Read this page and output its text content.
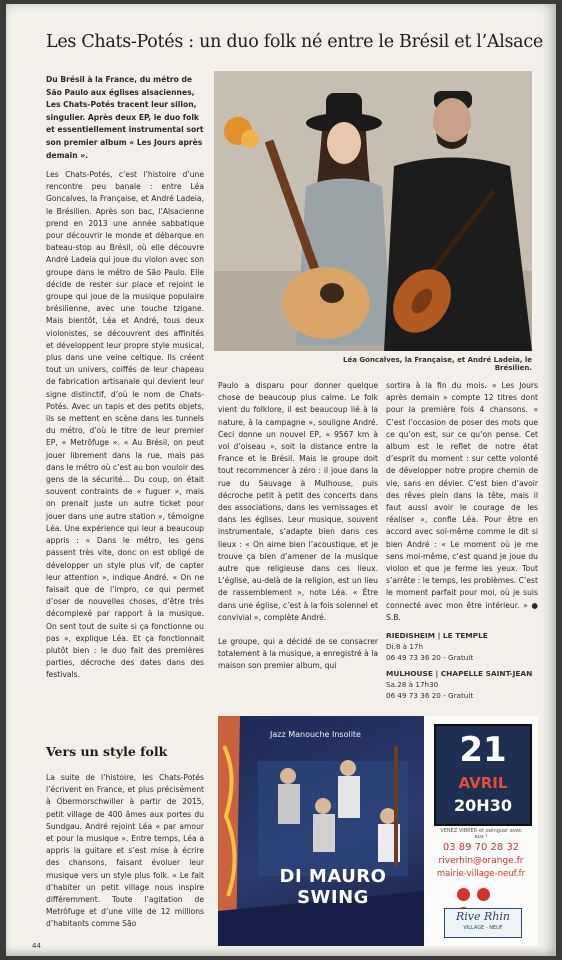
Les Chats-Potés : un duo folk né entre le Brésil et l’Alsace
Du Brésil à la France, du métro de São Paulo aux églises alsaciennes, Les Chats-Potés tracent leur sillon, singulier. Après deux EP, le duo folk et essentiellement instrumental sort son premier album « Les Jours après demain ».

Les Chats-Potés, c’est l’histoire d’une rencontre peu banale : entre Léa Goncalves, la Française, et André Ladeia, le Brésilien. Après son bac, l’Alsacienne prend en 2013 une année sabbatique pour découvrir le monde et débarque en bateau-stop au Brésil, où elle découvre André Ladeia qui joue du violon avec son groupe dans le métro de São Paulo. Elle décide de rester sur place et rejoint le groupe qui joue de la musique populaire brésilienne, avec une touche tzigane. Mais bientôt, Léa et André, tous deux violonistes, se découvrent des affinités et développent leur propre style musical, plus dans une veine celtique. Ils créent tout un univers, coiffés de leur chapeau de fabrication artisanale qui devient leur signe distinctif, d’où le nom de Chats-Potés. Avec un tapis et des petits objets, ils se mettent en scène dans les tunnels du métro, d’où le titre de leur premier EP, « Metrôfuge ». « Au Brésil, on peut jouer librement dans la rue, mais pas dans le métro où c’est au bon vouloir des gens de la sécurité… Du coup, on était souvent contraints de « fuguer », mais on prenait juste un autre ticket pour jouer dans une autre station », témoigne Léa. Une expérience qui leur a beaucoup appris : « Dans le métro, les gens passent très vite, donc on est obligé de développer un style plus vif, de capter leur attention », indique André. « On ne faisait que de l’impro, ce qui permet d’oser de nouvelles choses, d’être très décomplexé par rapport à la musique. On sent tout de suite si ça fonctionne ou pas », explique Léa. Et ça fonctionnait plutôt bien : le duo fait des premières parties, décroche des dates dans des festivals.

Vers un style folk

La suite de l’histoire, les Chats-Potés l’écrivent en France, et plus précisément à Obermorschwiller à partir de 2015, petit village de 400 âmes aux portes du Sundgau. André rejoint Léa « par amour et pour la musique ». Entre temps, Léa a appris la guitare et s’est mise à écrire des chansons, faisant évoluer leur musique vers un style plus folk. « Le fait d’habiter un petit village nous inspire différemment. Toute l’agitation de Metrôfuge et d’une ville de 12 millions d’habitants comme São

Léa Goncalves, la Française, et André Ladeia, le Brésilien.

Paulo a disparu pour donner quelque chose de beaucoup plus calme. Le folk vient du folklore, il est beaucoup lié à la nature, à la campagne », souligne André. Ceci donne un nouvel EP, « 9567 km à vol d’oiseau », soit la distance entre la France et le Brésil. Mais le groupe doit tout recommencer à zéro : il joue dans la rue du Sauvage à Mulhouse, puis décroche petit à petit des concerts dans des associations, dans les vernissages et dans les églises. Leur musique, souvent instrumentale, s’adapte bien dans ces lieux : « On aime bien l’acoustique, et je trouve ça bien d’amener de la musique autre que religieuse dans ces lieux. L’église, au-delà de la religion, est un lieu de rassemblement », note Léa. « Être dans une église, c’est à la fois solennel et convivial », complète André.

Le groupe, qui a décidé de se consacrer totalement à la musique, a enregistré à la maison son premier album, qui

sortira à la fin du mois. « Les Jours après demain » compte 12 titres dont pour la première fois 4 chansons. « C’est l’occasion de poser des mots que ce qu’on est, sur ce qu’on pense. Cet album est le reflet de notre état d’esprit du moment : sur cette volonté de développer notre propre chemin de vie, sans en dévier. C’est bien d’avoir des rêves plein dans la tête, mais il faut aussi avoir le courage de les réaliser », confie Léa. Pour être en accord avec soi-même comme le dit si bien André : « Le moment où je me sens moi-même, c’est quand je joue du violon et que je ferme les yeux. Tout s’arrête : le temps, les problèmes. C’est le moment parfait pour moi, où je suis connecté avec mon être intérieur. » ● S.B.

RIEDISHEIM | LE TEMPLE
Di.8 à 17h
06 49 73 36 20 - Gratuit
MULHOUSE | CHAPELLE SAINT-JEAN
Sa.28 à 17h30
06 49 73 36 20 - Gratuit
Jazz Manouche Insolite
DI MAURO SWING
21
AVRIL
20H30
VENEZ VIBRER et swinguer avec eux !
03 89 70 28 32
riverhin@orange.fr
mairie-village-neuf.fr

Rive Rhin
VILLAGE - NEUF
44
